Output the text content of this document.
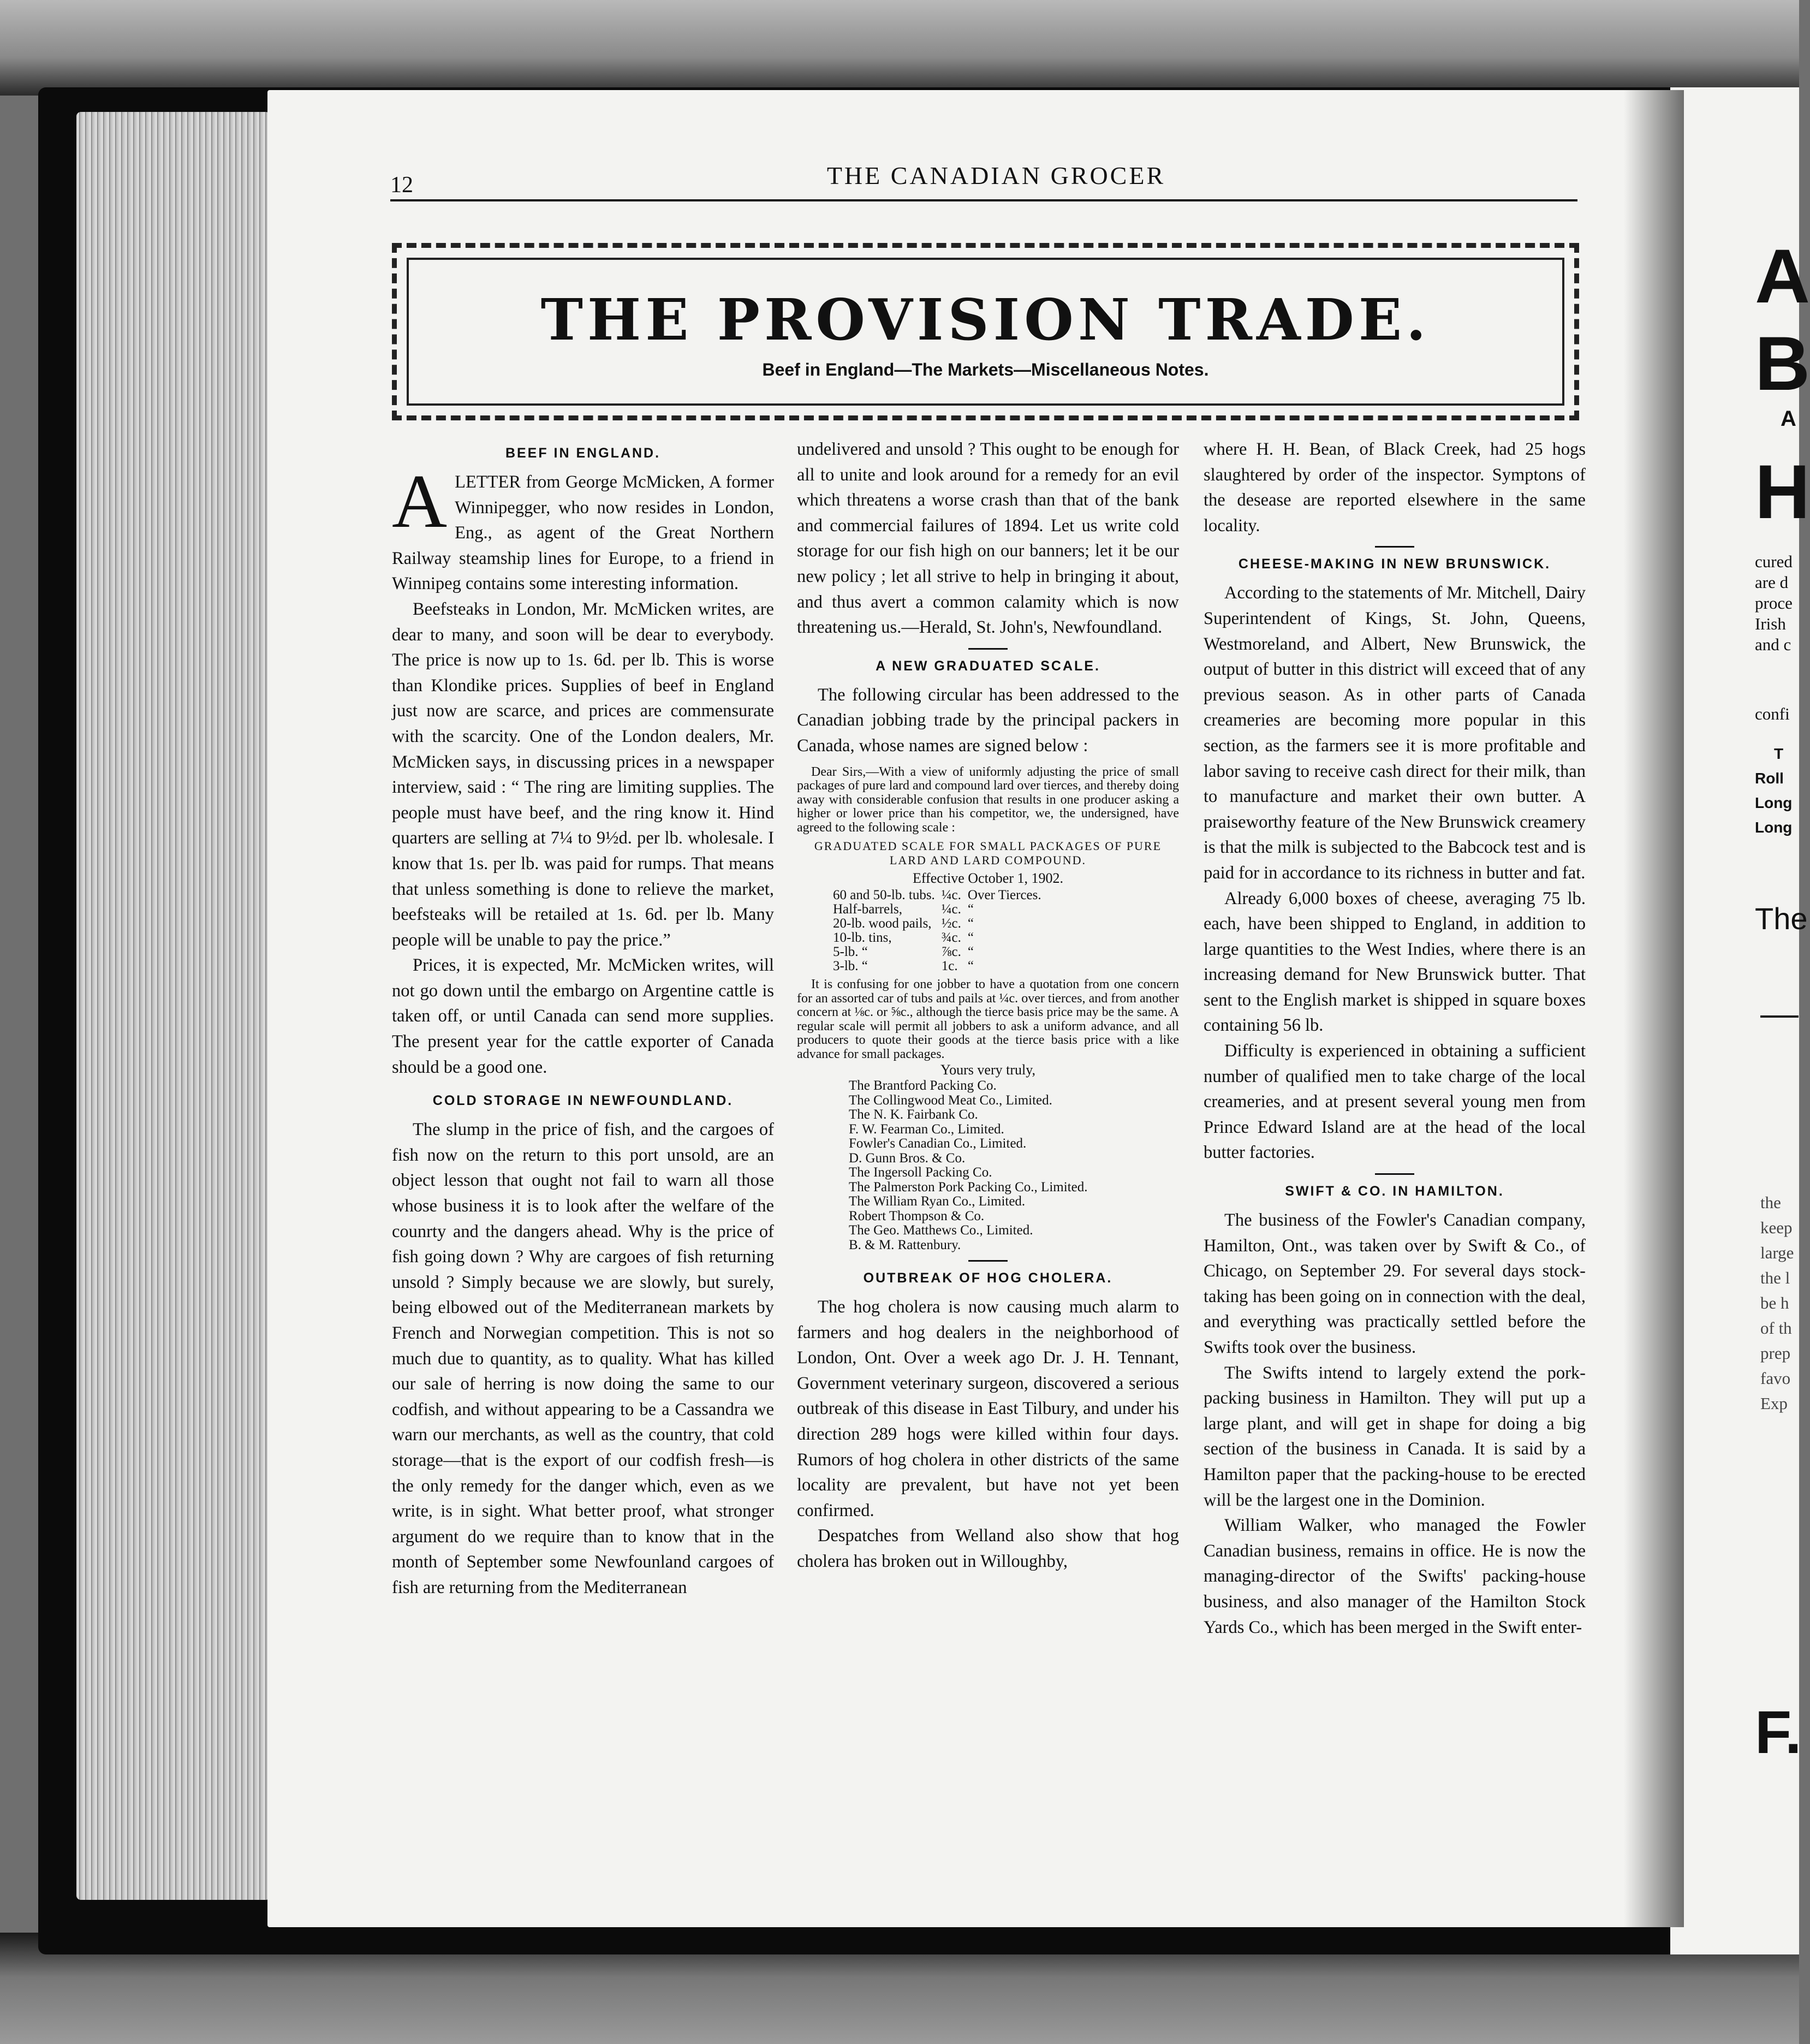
12	THE CANADIAN GROCER
THE PROVISION TRADE.
Beef in England—The Markets—Miscellaneous Notes.
BEEF IN ENGLAND.

ALETTER from George McMicken, A former Winnipegger, who now resides in London, Eng., as agent of the Great Northern Railway steamship lines for Europe, to a friend in Winnipeg contains some interesting information.

Beefsteaks in London, Mr. McMicken writes, are dear to many, and soon will be dear to everybody. The price is now up to 1s. 6d. per lb. This is worse than Klondike prices. Supplies of beef in England just now are scarce, and prices are commensurate with the scarcity. One of the London dealers, Mr. McMicken says, in discussing prices in a newspaper interview, said : “ The ring are limiting supplies. The people must have beef, and the ring know it. Hind quarters are selling at 7¼ to 9½d. per lb. wholesale. I know that 1s. per lb. was paid for rumps. That means that unless something is done to relieve the market, beefsteaks will be retailed at 1s. 6d. per lb. Many people will be unable to pay the price.”

Prices, it is expected, Mr. McMicken writes, will not go down until the embargo on Argentine cattle is taken off, or until Canada can send more supplies. The present year for the cattle exporter of Canada should be a good one.

COLD STORAGE IN NEWFOUNDLAND.

The slump in the price of fish, and the cargoes of fish now on the return to this port unsold, are an object lesson that ought not fail to warn all those whose business it is to look after the welfare of the counrty and the dangers ahead. Why is the price of fish going down ? Why are cargoes of fish returning unsold ? Simply because we are slowly, but surely, being elbowed out of the Mediterranean markets by French and Norwegian competition. This is not so much due to quantity, as to quality. What has killed our sale of herring is now doing the same to our codfish, and without appearing to be a Cassandra we warn our merchants, as well as the country, that cold storage—that is the export of our codfish fresh—is the only remedy for the danger which, even as we write, is in sight. What better proof, what stronger argument do we require than to know that in the month of September some Newfounland cargoes of fish are returning from the Mediterranean

undelivered and unsold ? This ought to be enough for all to unite and look around for a remedy for an evil which threatens a worse crash than that of the bank and commercial failures of 1894. Let us write cold storage for our fish high on our banners; let it be our new policy ; let all strive to help in bringing it about, and thus avert a common calamity which is now threatening us.—Herald, St. John's, Newfoundland.

A NEW GRADUATED SCALE.

The following circular has been addressed to the Canadian jobbing trade by the principal packers in Canada, whose names are signed below :

Dear Sirs,—With a view of uniformly adjusting the price of small packages of pure lard and compound lard over tierces, and thereby doing away with considerable confusion that results in one producer asking a higher or lower price than his competitor, we, the undersigned, have agreed to the following scale :

GRADUATED SCALE FOR SMALL PACKAGES OF PURE LARD AND LARD COMPOUND.
Effective October 1, 1902.
60 and 50-lb. tubs.	¼c.	Over Tierces.
Half-barrels,	¼c.	“
20-lb. wood pails,	½c.	“
10-lb. tins,	¾c.	“
5-lb. “	⅞c.	“
3-lb. “	1c.	“

It is confusing for one jobber to have a quotation from one concern for an assorted car of tubs and pails at ¼c. over tierces, and from another concern at ⅛c. or ⅝c., although the tierce basis price may be the same. A regular scale will permit all jobbers to ask a uniform advance, and all producers to quote their goods at the tierce basis price with a like advance for small packages.

Yours very truly,
The Brantford Packing Co.
The Collingwood Meat Co., Limited.
The N. K. Fairbank Co.
F. W. Fearman Co., Limited.
Fowler's Canadian Co., Limited.
D. Gunn Bros. & Co.
The Ingersoll Packing Co.
The Palmerston Pork Packing Co., Limited.
The William Ryan Co., Limited.
Robert Thompson & Co.
The Geo. Matthews Co., Limited.
B. & M. Rattenbury.
OUTBREAK OF HOG CHOLERA.

The hog cholera is now causing much alarm to farmers and hog dealers in the neighborhood of London, Ont. Over a week ago Dr. J. H. Tennant, Government veterinary surgeon, discovered a serious outbreak of this disease in East Tilbury, and under his direction 289 hogs were killed within four days. Rumors of hog cholera in other districts of the same locality are prevalent, but have not yet been confirmed.

Despatches from Welland also show that hog cholera has broken out in Willoughby,

where H. H. Bean, of Black Creek, had 25 hogs slaughtered by order of the inspector. Symptons of the desease are reported elsewhere in the same locality.

CHEESE-MAKING IN NEW BRUNSWICK.

According to the statements of Mr. Mitchell, Dairy Superintendent of Kings, St. John, Queens, Westmoreland, and Albert, New Brunswick, the output of butter in this district will exceed that of any previous season. As in other parts of Canada creameries are becoming more popular in this section, as the farmers see it is more profitable and labor saving to receive cash direct for their milk, than to manufacture and market their own butter. A praiseworthy feature of the New Brunswick creamery is that the milk is subjected to the Babcock test and is paid for in accordance to its richness in butter and fat.

Already 6,000 boxes of cheese, averaging 75 lb. each, have been shipped to England, in addition to large quantities to the West Indies, where there is an increasing demand for New Brunswick butter. That sent to the English market is shipped in square boxes containing 56 lb.

Difficulty is experienced in obtaining a sufficient number of qualified men to take charge of the local creameries, and at present several young men from Prince Edward Island are at the head of the local butter factories.

SWIFT & CO. IN HAMILTON.

The business of the Fowler's Canadian company, Hamilton, Ont., was taken over by Swift & Co., of Chicago, on September 29. For several days stock-taking has been going on in connection with the deal, and everything was practically settled before the Swifts took over the business.

The Swifts intend to largely extend the pork-packing business in Hamilton. They will put up a large plant, and will get in shape for doing a big section of the business in Canada. It is said by a Hamilton paper that the packing-house to be erected will be the largest one in the Dominion.

William Walker, who managed the Fowler Canadian business, remains in office. He is now the managing-director of the Swifts' packing-house business, and also manager of the Hamilton Stock Yards Co., which has been merged in the Swift enter-

A
B
A
H
cured
are d
proce
Irish
and c
confi
T
Roll
Long
Long
The
the
keep
large
the l
be h
of th
prep
favo
Exp
F.
